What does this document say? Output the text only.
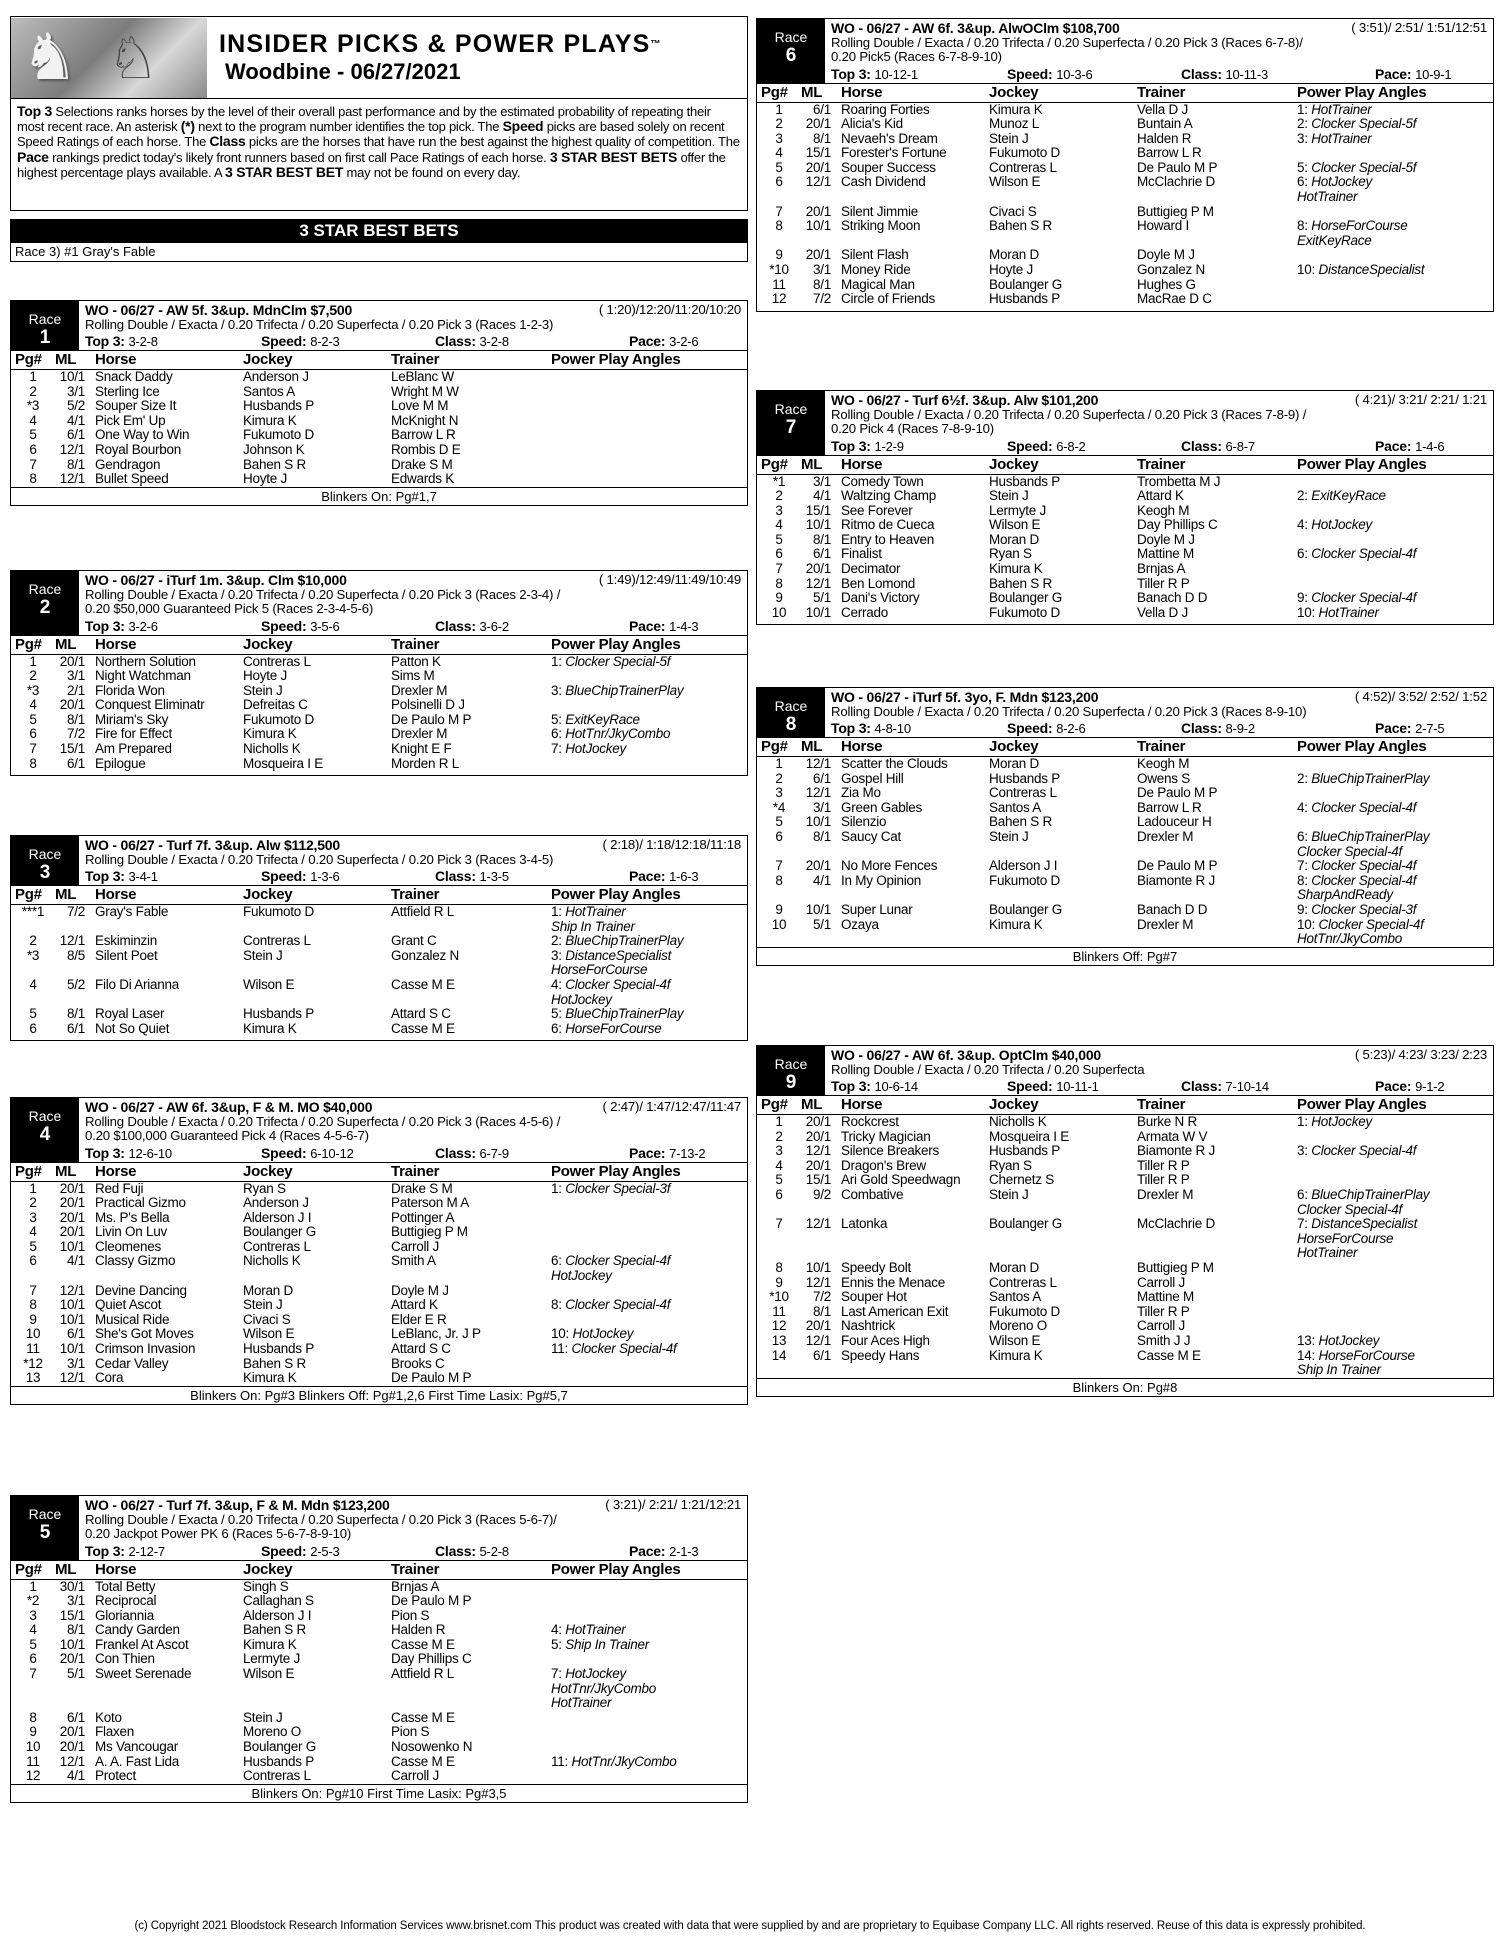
♞ ♘ INSIDER PICKS & POWER PLAYS™
Woodbine - 06/27/2021
Top 3 Selections ranks horses by the level of their overall past performance and by the estimated probability of repeating their most recent race. An asterisk (*) next to the program number identifies the top pick. The Speed picks are based solely on recent Speed Ratings of each horse. The Class picks are the horses that have run the best against the highest quality of competition. The Pace rankings predict today's likely front runners based on first call Pace Ratings of each horse. 3 STAR BEST BETS offer the highest percentage plays available. A 3 STAR BEST BET may not be found on every day.
3 STAR BEST BETS
Race 3) #1 Gray's Fable
Race
1
WO - 06/27 - AW 5f. 3&up. MdnClm $7,500	( 1:20)/12:20/11:20/10:20
Rolling Double / Exacta / 0.20 Trifecta / 0.20 Superfecta / 0.20 Pick 3 (Races 1-2-3)
Top 3: 3-2-8	Speed: 8-2-3	Class: 3-2-8	Pace: 3-2-6
Pg#	ML	Horse	Jockey	Trainer	Power Play Angles
1	10/1	Snack Daddy	Anderson J	LeBlanc W	
2	3/1	Sterling Ice	Santos A	Wright M W	
*3	5/2	Souper Size It	Husbands P	Love M M	
4	4/1	Pick Em' Up	Kimura K	McKnight N	
5	6/1	One Way to Win	Fukumoto D	Barrow L R	
6	12/1	Royal Bourbon	Johnson K	Rombis D E	
7	8/1	Gendragon	Bahen S R	Drake S M	
8	12/1	Bullet Speed	Hoyte J	Edwards K	
Blinkers On: Pg#1,7
Race
2
WO - 06/27 - iTurf 1m. 3&up. Clm $10,000	( 1:49)/12:49/11:49/10:49
Rolling Double / Exacta / 0.20 Trifecta / 0.20 Superfecta / 0.20 Pick 3 (Races 2-3-4) /
0.20 $50,000 Guaranteed Pick 5 (Races 2-3-4-5-6)
Top 3: 3-2-6	Speed: 3-5-6	Class: 3-6-2	Pace: 1-4-3
Pg#	ML	Horse	Jockey	Trainer	Power Play Angles
1	20/1	Northern Solution	Contreras L	Patton K	1: Clocker Special-5f
2	3/1	Night Watchman	Hoyte J	Sims M	
*3	2/1	Florida Won	Stein J	Drexler M	3: BlueChipTrainerPlay
4	20/1	Conquest Eliminatr	Defreitas C	Polsinelli D J	
5	8/1	Miriam's Sky	Fukumoto D	De Paulo M P	5: ExitKeyRace
6	7/2	Fire for Effect	Kimura K	Drexler M	6: HotTnr/JkyCombo
7	15/1	Am Prepared	Nicholls K	Knight E F	7: HotJockey
8	6/1	Epilogue	Mosqueira I E	Morden R L	
Race
3
WO - 06/27 - Turf 7f. 3&up. Alw $112,500	( 2:18)/ 1:18/12:18/11:18
Rolling Double / Exacta / 0.20 Trifecta / 0.20 Superfecta / 0.20 Pick 3 (Races 3-4-5)
Top 3: 3-4-1	Speed: 1-3-6	Class: 1-3-5	Pace: 1-6-3
Pg#	ML	Horse	Jockey	Trainer	Power Play Angles
***1	7/2	Gray's Fable	Fukumoto D	Attfield R L	1: HotTrainer
					Ship In Trainer
2	12/1	Eskiminzin	Contreras L	Grant C	2: BlueChipTrainerPlay
*3	8/5	Silent Poet	Stein J	Gonzalez N	3: DistanceSpecialist
					HorseForCourse
4	5/2	Filo Di Arianna	Wilson E	Casse M E	4: Clocker Special-4f
					HotJockey
5	8/1	Royal Laser	Husbands P	Attard S C	5: BlueChipTrainerPlay
6	6/1	Not So Quiet	Kimura K	Casse M E	6: HorseForCourse
Race
4
WO - 06/27 - AW 6f. 3&up, F & M. MO $40,000	( 2:47)/ 1:47/12:47/11:47
Rolling Double / Exacta / 0.20 Trifecta / 0.20 Superfecta / 0.20 Pick 3 (Races 4-5-6) /
0.20 $100,000 Guaranteed Pick 4 (Races 4-5-6-7)
Top 3: 12-6-10	Speed: 6-10-12	Class: 6-7-9	Pace: 7-13-2
Pg#	ML	Horse	Jockey	Trainer	Power Play Angles
1	20/1	Red Fuji	Ryan S	Drake S M	1: Clocker Special-3f
2	20/1	Practical Gizmo	Anderson J	Paterson M A	
3	20/1	Ms. P's Bella	Alderson J I	Pottinger A	
4	20/1	Livin On Luv	Boulanger G	Buttigieg P M	
5	10/1	Cleomenes	Contreras L	Carroll J	
6	4/1	Classy Gizmo	Nicholls K	Smith A	6: Clocker Special-4f
					HotJockey
7	12/1	Devine Dancing	Moran D	Doyle M J	
8	10/1	Quiet Ascot	Stein J	Attard K	8: Clocker Special-4f
9	10/1	Musical Ride	Civaci S	Elder E R	
10	6/1	She's Got Moves	Wilson E	LeBlanc, Jr. J P	10: HotJockey
11	10/1	Crimson Invasion	Husbands P	Attard S C	11: Clocker Special-4f
*12	3/1	Cedar Valley	Bahen S R	Brooks C	
13	12/1	Cora	Kimura K	De Paulo M P	
Blinkers On: Pg#3 Blinkers Off: Pg#1,2,6 First Time Lasix: Pg#5,7
Race
5
WO - 06/27 - Turf 7f. 3&up, F & M. Mdn $123,200	( 3:21)/ 2:21/ 1:21/12:21
Rolling Double / Exacta / 0.20 Trifecta / 0.20 Superfecta / 0.20 Pick 3 (Races 5-6-7)/
0.20 Jackpot Power PK 6 (Races 5-6-7-8-9-10)
Top 3: 2-12-7	Speed: 2-5-3	Class: 5-2-8	Pace: 2-1-3
Pg#	ML	Horse	Jockey	Trainer	Power Play Angles
1	30/1	Total Betty	Singh S	Brnjas A	
*2	3/1	Reciprocal	Callaghan S	De Paulo M P	
3	15/1	Gloriannia	Alderson J I	Pion S	
4	8/1	Candy Garden	Bahen S R	Halden R	4: HotTrainer
5	10/1	Frankel At Ascot	Kimura K	Casse M E	5: Ship In Trainer
6	20/1	Con Thien	Lermyte J	Day Phillips C	
7	5/1	Sweet Serenade	Wilson E	Attfield R L	7: HotJockey
					HotTnr/JkyCombo
					HotTrainer
8	6/1	Koto	Stein J	Casse M E	
9	20/1	Flaxen	Moreno O	Pion S	
10	20/1	Ms Vancougar	Boulanger G	Nosowenko N	
11	12/1	A. A. Fast Lida	Husbands P	Casse M E	11: HotTnr/JkyCombo
12	4/1	Protect	Contreras L	Carroll J	
Blinkers On: Pg#10 First Time Lasix: Pg#3,5
Race
6
WO - 06/27 - AW 6f. 3&up. AlwOClm $108,700	( 3:51)/ 2:51/ 1:51/12:51
Rolling Double / Exacta / 0.20 Trifecta / 0.20 Superfecta / 0.20 Pick 3 (Races 6-7-8)/
0.20 Pick5 (Races 6-7-8-9-10)
Top 3: 10-12-1	Speed: 10-3-6	Class: 10-11-3	Pace: 10-9-1
Pg#	ML	Horse	Jockey	Trainer	Power Play Angles
1	6/1	Roaring Forties	Kimura K	Vella D J	1: HotTrainer
2	20/1	Alicia's Kid	Munoz L	Buntain A	2: Clocker Special-5f
3	8/1	Nevaeh's Dream	Stein J	Halden R	3: HotTrainer
4	15/1	Forester's Fortune	Fukumoto D	Barrow L R	
5	20/1	Souper Success	Contreras L	De Paulo M P	5: Clocker Special-5f
6	12/1	Cash Dividend	Wilson E	McClachrie D	6: HotJockey
					HotTrainer
7	20/1	Silent Jimmie	Civaci S	Buttigieg P M	
8	10/1	Striking Moon	Bahen S R	Howard I	8: HorseForCourse
					ExitKeyRace
9	20/1	Silent Flash	Moran D	Doyle M J	
*10	3/1	Money Ride	Hoyte J	Gonzalez N	10: DistanceSpecialist
11	8/1	Magical Man	Boulanger G	Hughes G	
12	7/2	Circle of Friends	Husbands P	MacRae D C	
Race
7
WO - 06/27 - Turf 6½f. 3&up. Alw $101,200	( 4:21)/ 3:21/ 2:21/ 1:21
Rolling Double / Exacta / 0.20 Trifecta / 0.20 Superfecta / 0.20 Pick 3 (Races 7-8-9) /
0.20 Pick 4 (Races 7-8-9-10)
Top 3: 1-2-9	Speed: 6-8-2	Class: 6-8-7	Pace: 1-4-6
Pg#	ML	Horse	Jockey	Trainer	Power Play Angles
*1	3/1	Comedy Town	Husbands P	Trombetta M J	
2	4/1	Waltzing Champ	Stein J	Attard K	2: ExitKeyRace
3	15/1	See Forever	Lermyte J	Keogh M	
4	10/1	Ritmo de Cueca	Wilson E	Day Phillips C	4: HotJockey
5	8/1	Entry to Heaven	Moran D	Doyle M J	
6	6/1	Finalist	Ryan S	Mattine M	6: Clocker Special-4f
7	20/1	Decimator	Kimura K	Brnjas A	
8	12/1	Ben Lomond	Bahen S R	Tiller R P	
9	5/1	Dani's Victory	Boulanger G	Banach D D	9: Clocker Special-4f
10	10/1	Cerrado	Fukumoto D	Vella D J	10: HotTrainer
Race
8
WO - 06/27 - iTurf 5f. 3yo, F. Mdn $123,200	( 4:52)/ 3:52/ 2:52/ 1:52
Rolling Double / Exacta / 0.20 Trifecta / 0.20 Superfecta / 0.20 Pick 3 (Races 8-9-10)
Top 3: 4-8-10	Speed: 8-2-6	Class: 8-9-2	Pace: 2-7-5
Pg#	ML	Horse	Jockey	Trainer	Power Play Angles
1	12/1	Scatter the Clouds	Moran D	Keogh M	
2	6/1	Gospel Hill	Husbands P	Owens S	2: BlueChipTrainerPlay
3	12/1	Zia Mo	Contreras L	De Paulo M P	
*4	3/1	Green Gables	Santos A	Barrow L R	4: Clocker Special-4f
5	10/1	Silenzio	Bahen S R	Ladouceur H	
6	8/1	Saucy Cat	Stein J	Drexler M	6: BlueChipTrainerPlay
					Clocker Special-4f
7	20/1	No More Fences	Alderson J I	De Paulo M P	7: Clocker Special-4f
8	4/1	In My Opinion	Fukumoto D	Biamonte R J	8: Clocker Special-4f
					SharpAndReady
9	10/1	Super Lunar	Boulanger G	Banach D D	9: Clocker Special-3f
10	5/1	Ozaya	Kimura K	Drexler M	10: Clocker Special-4f
					HotTnr/JkyCombo
Blinkers Off: Pg#7
Race
9
WO - 06/27 - AW 6f. 3&up. OptClm $40,000	( 5:23)/ 4:23/ 3:23/ 2:23
Rolling Double / Exacta / 0.20 Trifecta / 0.20 Superfecta
Top 3: 10-6-14	Speed: 10-11-1	Class: 7-10-14	Pace: 9-1-2
Pg#	ML	Horse	Jockey	Trainer	Power Play Angles
1	20/1	Rockcrest	Nicholls K	Burke N R	1: HotJockey
2	20/1	Tricky Magician	Mosqueira I E	Armata W V	
3	12/1	Silence Breakers	Husbands P	Biamonte R J	3: Clocker Special-4f
4	20/1	Dragon's Brew	Ryan S	Tiller R P	
5	15/1	Ari Gold Speedwagn	Chernetz S	Tiller R P	
6	9/2	Combative	Stein J	Drexler M	6: BlueChipTrainerPlay
					Clocker Special-4f
7	12/1	Latonka	Boulanger G	McClachrie D	7: DistanceSpecialist
					HorseForCourse
					HotTrainer
8	10/1	Speedy Bolt	Moran D	Buttigieg P M	
9	12/1	Ennis the Menace	Contreras L	Carroll J	
*10	7/2	Souper Hot	Santos A	Mattine M	
11	8/1	Last American Exit	Fukumoto D	Tiller R P	
12	20/1	Nashtrick	Moreno O	Carroll J	
13	12/1	Four Aces High	Wilson E	Smith J J	13: HotJockey
14	6/1	Speedy Hans	Kimura K	Casse M E	14: HorseForCourse
					Ship In Trainer
Blinkers On: Pg#8
(c) Copyright 2021 Bloodstock Research Information Services www.brisnet.com This product was created with data that were supplied by and are proprietary to Equibase Company LLC. All rights reserved. Reuse of this data is expressly prohibited.
